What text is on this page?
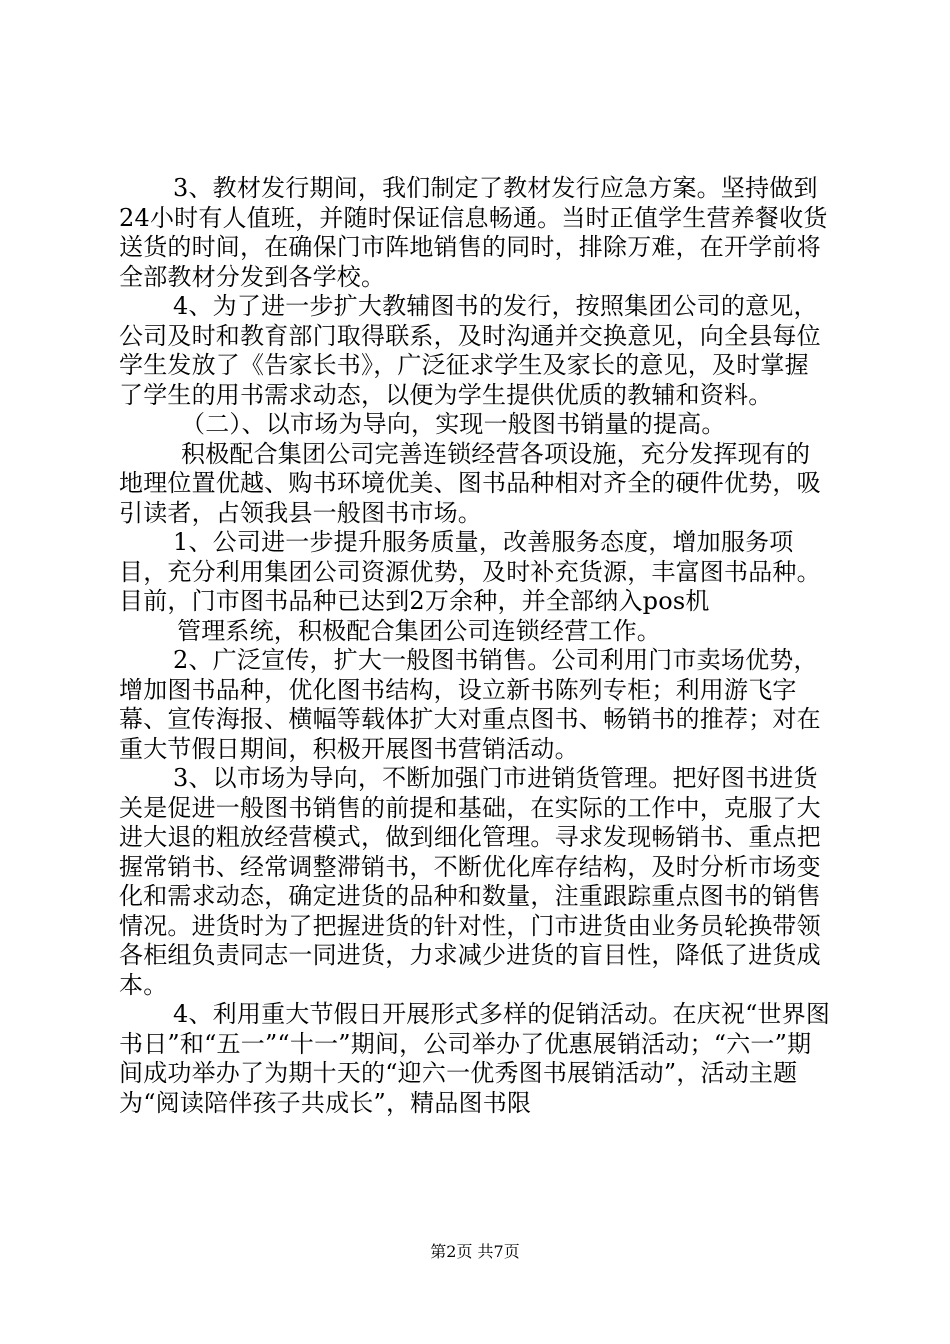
3、教材发行期间，我们制定了教材发行应急方案。坚持做到24小时有人值班，并随时保证信息畅通。当时正值学生营养餐收货送货的时间，在确保门市阵地销售的同时，排除万难，在开学前将全部教材分发到各学校。

4、为了进一步扩大教辅图书的发行，按照集团公司的意见，公司及时和教育部门取得联系，及时沟通并交换意见，向全县每位学生发放了《告家长书》，广泛征求学生及家长的意见，及时掌握了学生的用书需求动态，以便为学生提供优质的教辅和资料。

（二）、以市场为导向，实现一般图书销量的提高。

积极配合集团公司完善连锁经营各项设施，充分发挥现有的地理位置优越、购书环境优美、图书品种相对齐全的硬件优势，吸引读者，占领我县一般图书市场。

1、公司进一步提升服务质量，改善服务态度，增加服务项目，充分利用集团公司资源优势，及时补充货源，丰富图书品种。目前，门市图书品种已达到2万余种，并全部纳入pos机

管理系统，积极配合集团公司连锁经营工作。

2、广泛宣传，扩大一般图书销售。公司利用门市卖场优势，增加图书品种，优化图书结构，设立新书陈列专柜；利用游飞字幕、宣传海报、横幅等载体扩大对重点图书、畅销书的推荐；对在重大节假日期间，积极开展图书营销活动。

3、以市场为导向，不断加强门市进销货管理。把好图书进货关是促进一般图书销售的前提和基础，在实际的工作中，克服了大进大退的粗放经营模式，做到细化管理。寻求发现畅销书、重点把握常销书、经常调整滞销书，不断优化库存结构，及时分析市场变化和需求动态，确定进货的品种和数量，注重跟踪重点图书的销售情况。进货时为了把握进货的针对性，门市进货由业务员轮换带领各柜组负责同志一同进货，力求减少进货的盲目性，降低了进货成本。

4、利用重大节假日开展形式多样的促销活动。在庆祝“世界图书日”和“五一”“十一”期间，公司举办了优惠展销活动；“六一”期间成功举办了为期十天的“迎六一优秀图书展销活动”，活动主题为“阅读陪伴孩子共成长”，精品图书限

第2页 共7页
